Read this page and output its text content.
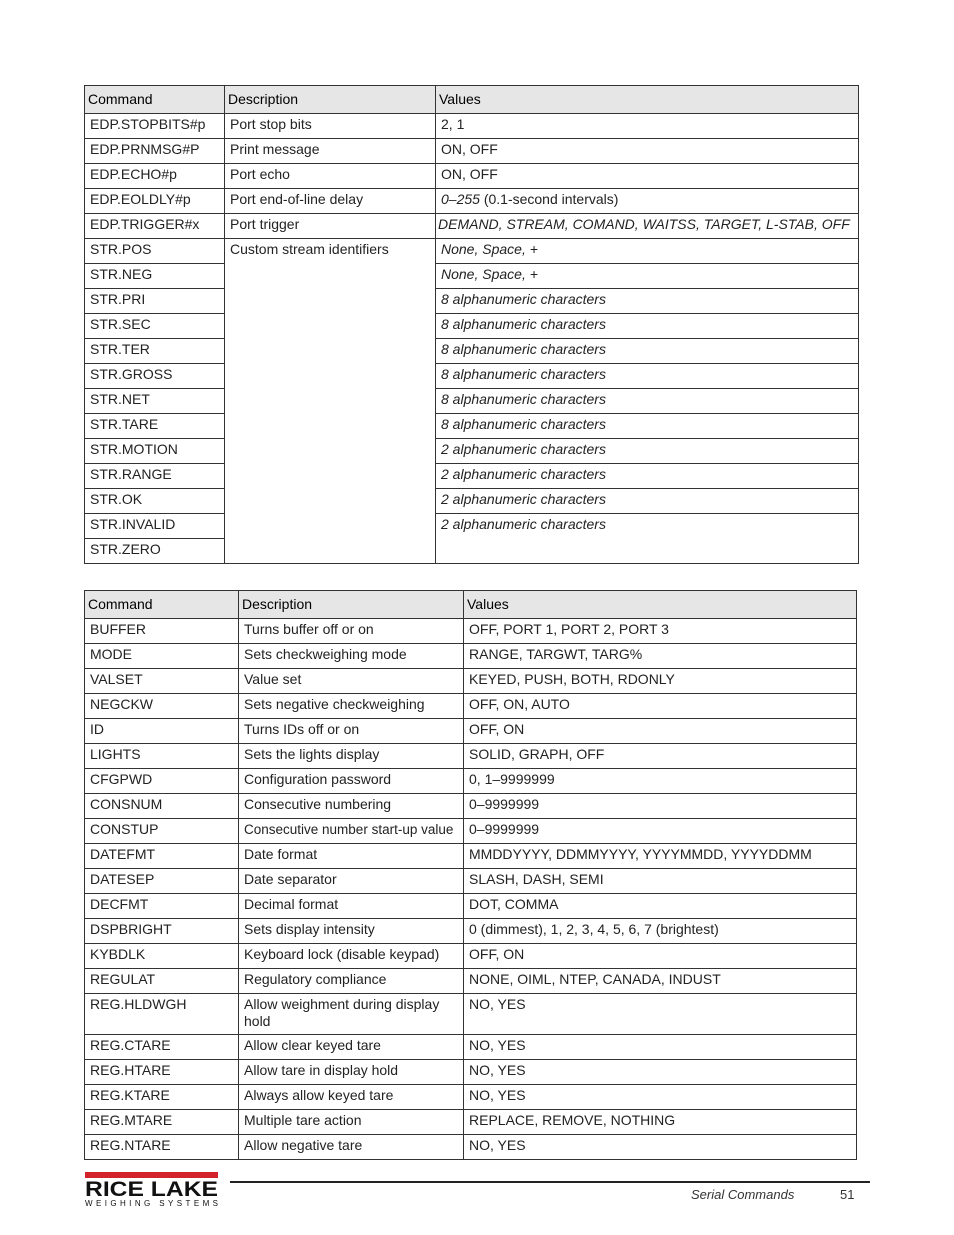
Command	Description	Values
EDP.STOPBITS#p	Port stop bits	2, 1
EDP.PRNMSG#P	Print message	ON, OFF
EDP.ECHO#p	Port echo	ON, OFF
EDP.EOLDLY#p	Port end-of-line delay	0–255 (0.1-second intervals)
EDP.TRIGGER#x	Port trigger	DEMAND, STREAM, COMAND, WAITSS, TARGET, L-STAB, OFF
STR.POS	Custom stream identifiers	None, Space, +
STR.NEG		None, Space, +
STR.PRI		8 alphanumeric characters
STR.SEC		8 alphanumeric characters
STR.TER		8 alphanumeric characters
STR.GROSS		8 alphanumeric characters
STR.NET		8 alphanumeric characters
STR.TARE		8 alphanumeric characters
STR.MOTION		2 alphanumeric characters
STR.RANGE		2 alphanumeric characters
STR.OK		2 alphanumeric characters
STR.INVALID		2 alphanumeric characters
STR.ZERO		
Command	Description	Values
BUFFER	Turns buffer off or on	OFF, PORT 1, PORT 2, PORT 3
MODE	Sets checkweighing mode	RANGE, TARGWT, TARG%
VALSET	Value set	KEYED, PUSH, BOTH, RDONLY
NEGCKW	Sets negative checkweighing	OFF, ON, AUTO
ID	Turns IDs off or on	OFF, ON
LIGHTS	Sets the lights display	SOLID, GRAPH, OFF
CFGPWD	Configuration password	0, 1–9999999
CONSNUM	Consecutive numbering	0–9999999
CONSTUP	Consecutive number start-up value	0–9999999
DATEFMT	Date format	MMDDYYYY, DDMMYYYY, YYYYMMDD, YYYYDDMM
DATESEP	Date separator	SLASH, DASH, SEMI
DECFMT	Decimal format	DOT, COMMA
DSPBRIGHT	Sets display intensity	0 (dimmest), 1, 2, 3, 4, 5, 6, 7 (brightest)
KYBDLK	Keyboard lock (disable keypad)	OFF, ON
REGULAT	Regulatory compliance	NONE, OIML, NTEP, CANADA, INDUST
REG.HLDWGH	Allow weighment during display hold	NO, YES
REG.CTARE	Allow clear keyed tare	NO, YES
REG.HTARE	Allow tare in display hold	NO, YES
REG.KTARE	Always allow keyed tare	NO, YES
REG.MTARE	Multiple tare action	REPLACE, REMOVE, NOTHING
REG.NTARE	Allow negative tare	NO, YES
RICE LAKE
WEIGHING SYSTEMS
Serial Commands	51
